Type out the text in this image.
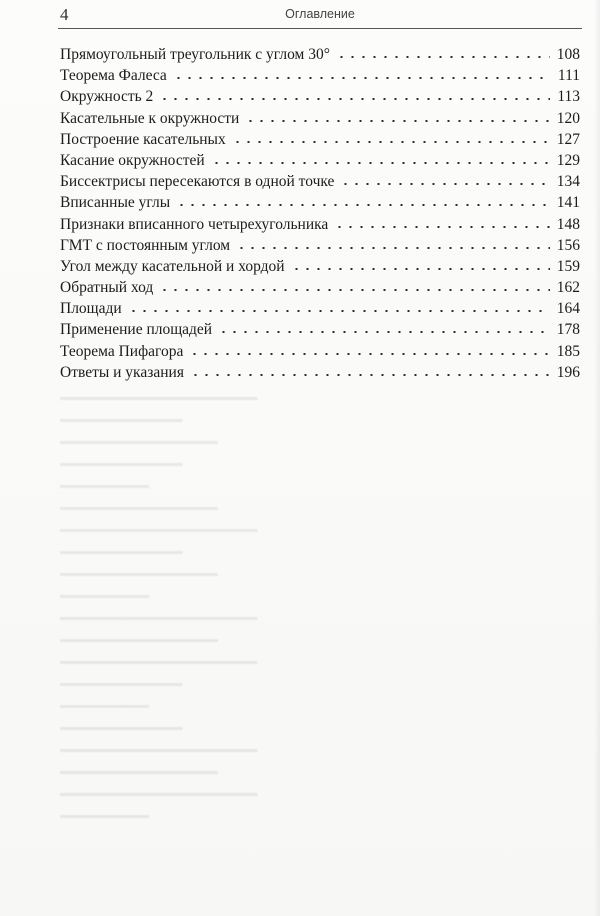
4	Оглавление
Прямоугольный треугольник с углом 30°	108
Теорема Фалеса	111
Окружность 2	113
Касательные к окружности	120
Построение касательных	127
Касание окружностей	129
Биссектрисы пересекаются в одной точке	134
Вписанные углы	141
Признаки вписанного четырехугольника	148
ГМТ с постоянным углом	156
Угол между касательной и хордой	159
Обратный ход	162
Площади	164
Применение площадей	178
Теорема Пифагора	185
Ответы и указания	196
